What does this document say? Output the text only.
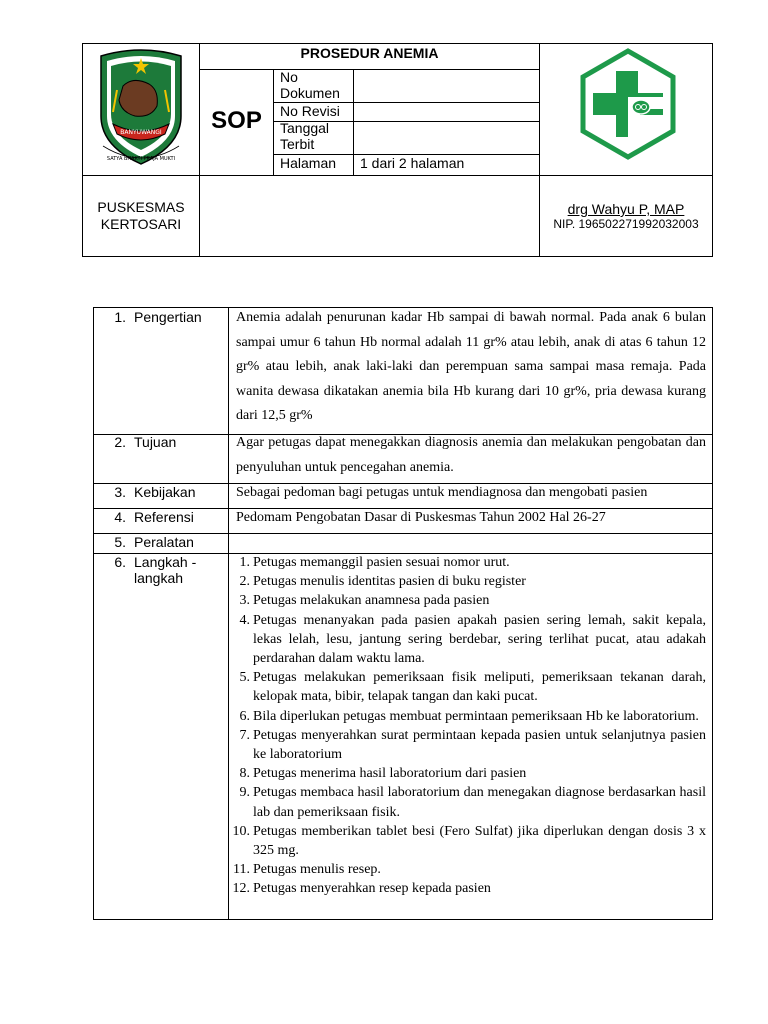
BANYUWANGI
SATYA BHAKTI PRAJA MUKTI
PROSEDUR ANEMIA
SOP
No Dokumen
No Revisi
Tanggal Terbit
Halaman	1 dari 2 halaman
PUSKESMAS KERTOSARI
drg Wahyu P, MAP
NIP. 196502271992032003
1. Pengertian
2. Tujuan
3. Kebijakan
4. Referensi
5. Peralatan
6. Langkah - langkah
Anemia adalah penurunan kadar Hb sampai di bawah normal. Pada anak 6 bulan sampai umur 6 tahun Hb normal adalah 11 gr% atau lebih, anak di atas 6 tahun 12 gr% atau lebih, anak laki-laki dan perempuan sama sampai masa remaja. Pada wanita dewasa dikatakan anemia bila Hb kurang dari 10 gr%, pria dewasa kurang dari 12,5 gr%
Agar petugas dapat menegakkan diagnosis anemia dan melakukan pengobatan dan penyuluhan untuk pencegahan anemia.
Sebagai pedoman bagi petugas untuk mendiagnosa dan mengobati pasien
Pedomam Pengobatan Dasar di Puskesmas Tahun 2002 Hal 26-27
1. Petugas memanggil pasien sesuai nomor urut.
2. Petugas menulis identitas pasien di buku register
3. Petugas melakukan anamnesa pada pasien
4. Petugas menanyakan pada pasien apakah pasien sering lemah, sakit kepala, lekas lelah, lesu, jantung sering berdebar, sering terlihat pucat, atau adakah perdarahan dalam waktu lama.
5. Petugas melakukan pemeriksaan fisik meliputi, pemeriksaan tekanan darah, kelopak mata, bibir, telapak tangan dan kaki pucat.
6. Bila diperlukan petugas membuat permintaan pemeriksaan Hb ke laboratorium.
7. Petugas menyerahkan surat permintaan kepada pasien untuk selanjutnya pasien ke laboratorium
8. Petugas menerima hasil laboratorium dari pasien
9. Petugas membaca hasil laboratorium dan menegakan diagnose berdasarkan hasil lab dan pemeriksaan fisik.
10. Petugas memberikan tablet besi (Fero Sulfat) jika diperlukan dengan dosis 3 x 325 mg.
11. Petugas menulis resep.
12. Petugas menyerahkan resep kepada pasien
